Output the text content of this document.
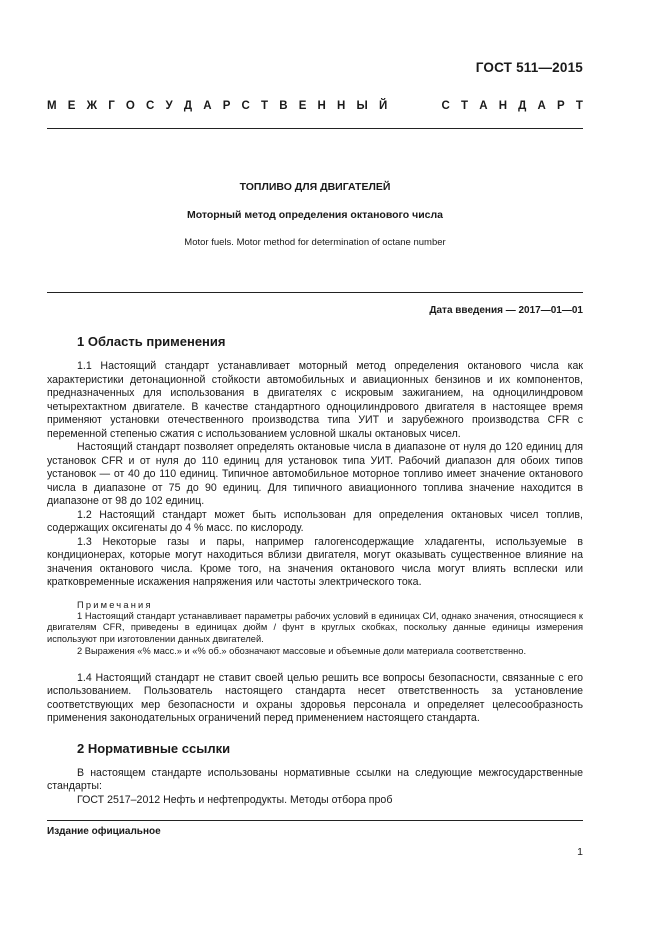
ГОСТ 511—2015
М Е Ж Г О С У Д А Р С Т В Е Н Н Ы Й

	С Т А Н Д А Р Т

ТОПЛИВО ДЛЯ ДВИГАТЕЛЕЙ

Моторный метод определения октанового числа

Motor fuels. Motor method for determination of octane number

Дата введения — 2017—01—01
1 Область применения

1.1 Настоящий стандарт устанавливает моторный метод определения октанового числа как характеристики детонационной стойкости автомобильных и авиационных бензинов и их компонентов, предназначенных для использования в двигателях с искровым зажиганием, на одноцилиндровом четырехтактном двигателе. В качестве стандартного одноцилиндрового двигателя в настоящее время применяют установки отечественного производства типа УИТ и зарубежного производства CFR с переменной степенью сжатия с использованием условной шкалы октановых чисел.

Настоящий стандарт позволяет определять октановые числа в диапазоне от нуля до 120 единиц для установок CFR и от нуля до 110 единиц для установок типа УИТ. Рабочий диапазон для обоих типов установок — от 40 до 110 единиц. Типичное автомобильное моторное топливо имеет значение октанового числа в диапазоне от 75 до 90 единиц. Для типичного авиационного топлива значение находится в диапазоне от 98 до 102 единиц.

1.2 Настоящий стандарт может быть использован для определения октановых чисел топлив, содержащих оксигенаты до 4 % масс. по кислороду.

1.3 Некоторые газы и пары, например галогенсодержащие хладагенты, используемые в кондиционерах, которые могут находиться вблизи двигателя, могут оказывать существенное влияние на значения октанового числа. Кроме того, на значения октанового числа могут влиять всплески или кратковременные искажения напряжения или частоты электрического тока.

Примечания

1 Настоящий стандарт устанавливает параметры рабочих условий в единицах СИ, однако значения, относящиеся к двигателям CFR, приведены в единицах дюйм / фунт в круглых скобках, поскольку данные единицы измерения используют при изготовлении данных двигателей.

2 Выражения «% масс.» и «% об.» обозначают массовые и объемные доли материала соответственно.

1.4 Настоящий стандарт не ставит своей целью решить все вопросы безопасности, связанные с его использованием. Пользователь настоящего стандарта несет ответственность за установление соответствующих мер безопасности и охраны здоровья персонала и определяет целесообразность применения законодательных ограничений перед применением настоящего стандарта.

2 Нормативные ссылки

В настоящем стандарте использованы нормативные ссылки на следующие межгосударственные стандарты:

ГОСТ 2517–2012 Нефть и нефтепродукты. Методы отбора проб

Издание официальное
1
